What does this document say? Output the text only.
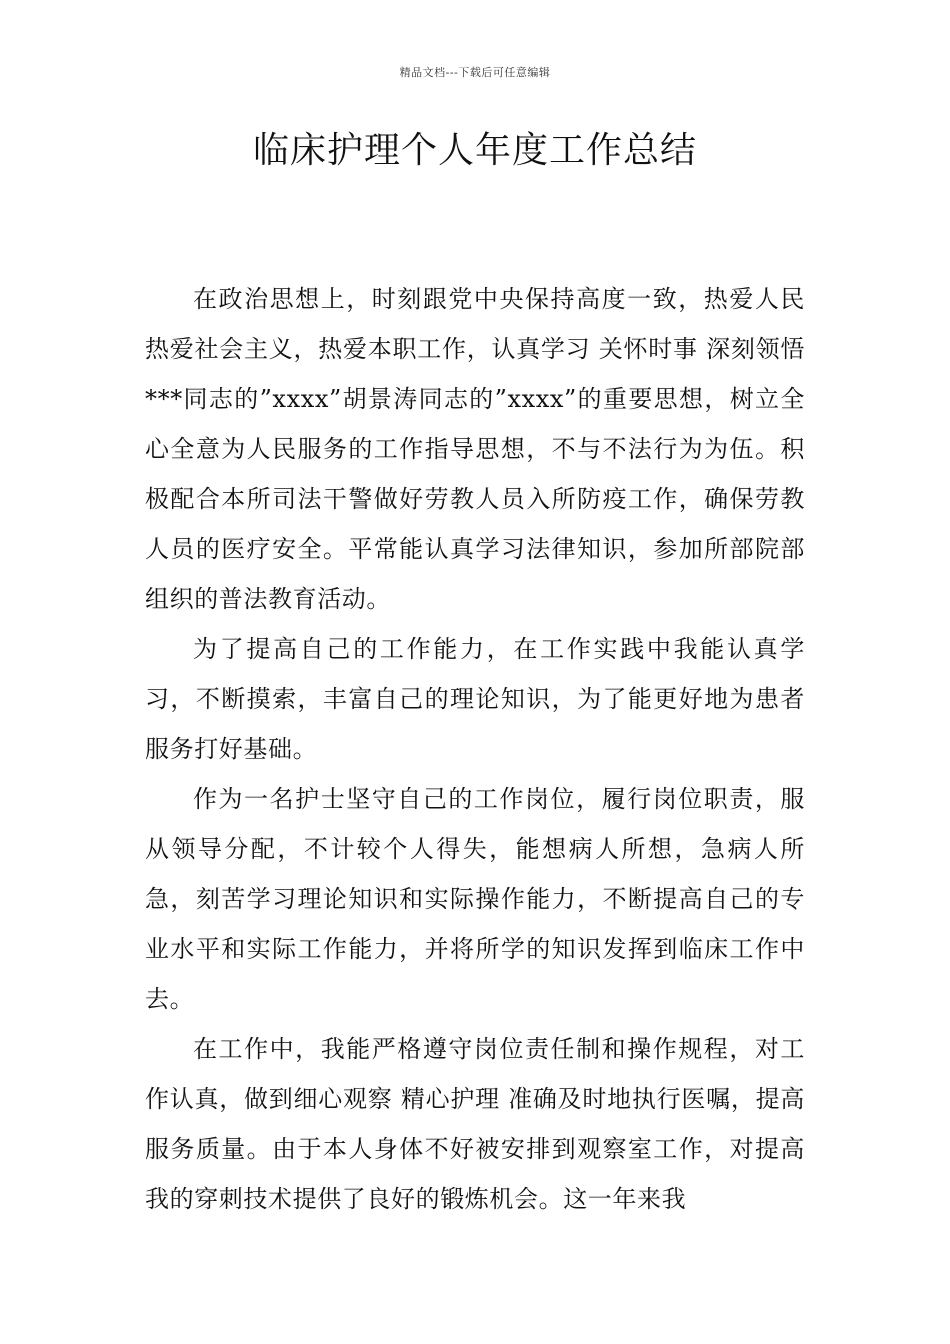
精品文档---下载后可任意编辑
临床护理个人年度工作总结

在政治思想上，时刻跟党中央保持高度一致，热爱人民热爱社会主义，热爱本职工作，认真学习 关怀时事 深刻领悟***同志的”xxxx”胡景涛同志的”xxxx”的重要思想，树立全心全意为人民服务的工作指导思想，不与不法行为为伍。积极配合本所司法干警做好劳教人员入所防疫工作，确保劳教人员的医疗安全。平常能认真学习法律知识，参加所部院部组织的普法教育活动。

为了提高自己的工作能力，在工作实践中我能认真学习，不断摸索，丰富自己的理论知识，为了能更好地为患者服务打好基础。

作为一名护士坚守自己的工作岗位，履行岗位职责，服从领导分配，不计较个人得失，能想病人所想，急病人所急，刻苦学习理论知识和实际操作能力，不断提高自己的专业水平和实际工作能力，并将所学的知识发挥到临床工作中去。

在工作中，我能严格遵守岗位责任制和操作规程，对工作认真，做到细心观察 精心护理 准确及时地执行医嘱，提高服务质量。由于本人身体不好被安排到观察室工作，对提高我的穿刺技术提供了良好的锻炼机会。这一年来我
